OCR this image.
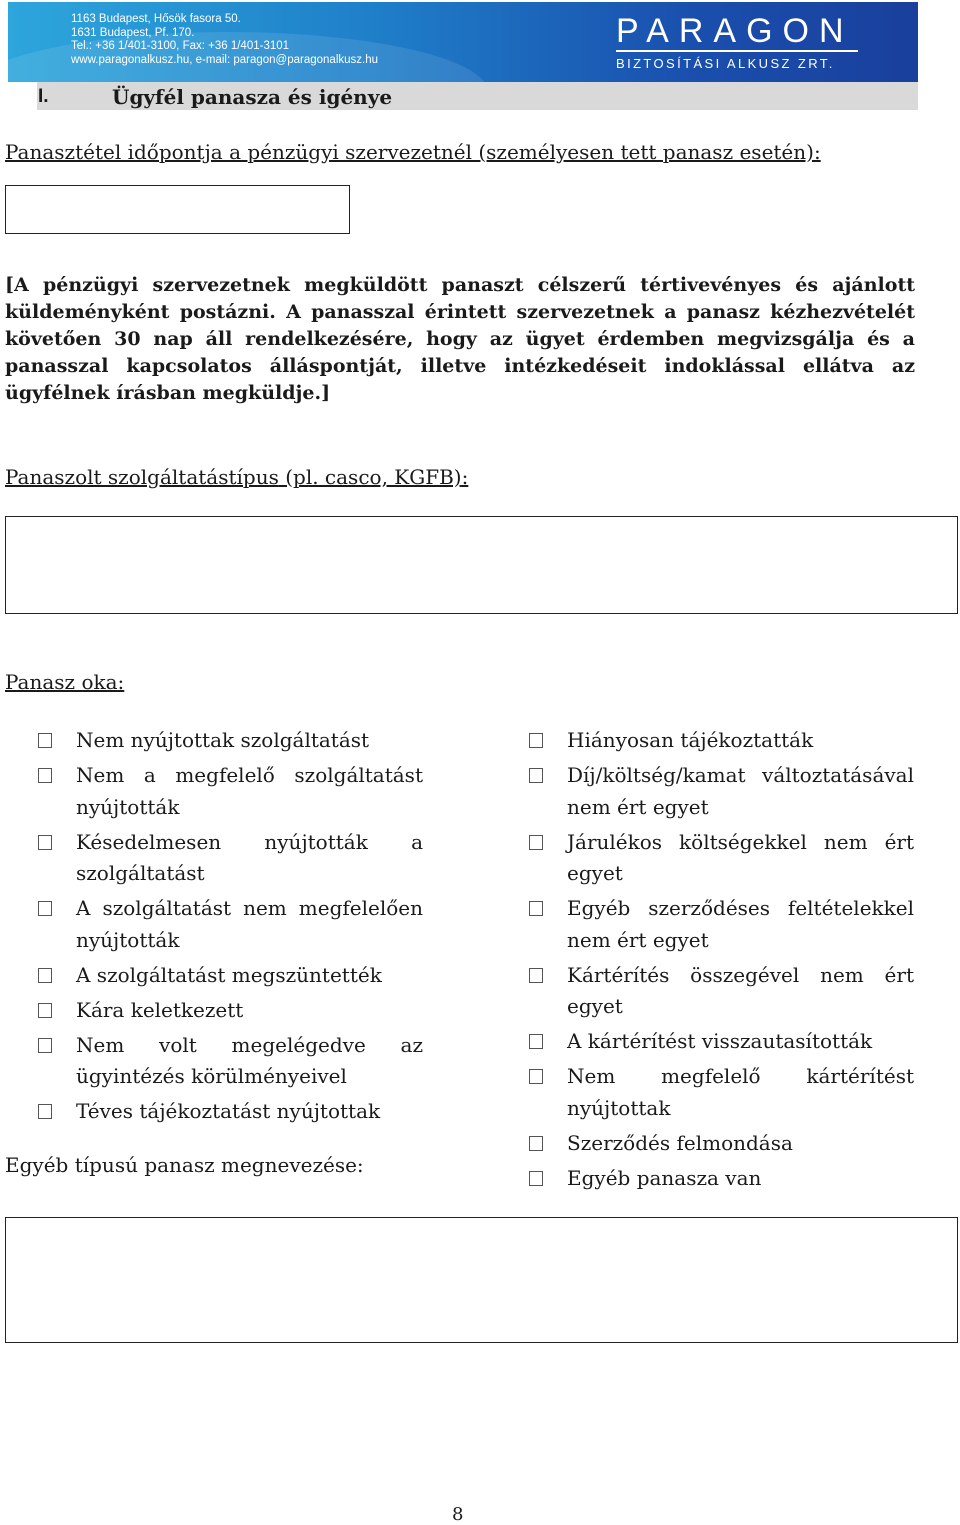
1163 Budapest, Hősök fasora 50.
1631 Budapest, Pf. 170.
Tel.: +36 1/401-3100, Fax: +36 1/401-3101
www.paragonalkusz.hu, e-mail: paragon@paragonalkusz.hu
PARAGON
BIZTOSÍTÁSI ALKUSZ ZRT.
I.	Ügyfél panasza és igénye
Panasztétel időpontja a pénzügyi szervezetnél (személyesen tett panasz esetén):
[A pénzügyi szervezetnek megküldött panaszt célszerű tértivevényes és ajánlott küldeményként postázni. A panasszal érintett szervezetnek a panasz kézhezvételét követően 30 nap áll rendelkezésére, hogy az ügyet érdemben megvizsgálja és a panasszal kapcsolatos álláspontját, illetve intézkedéseit indoklással ellátva az ügyfélnek írásban megküldje.]
Panaszolt szolgáltatástípus (pl. casco, KGFB):
Panasz oka:
Nem nyújtottak szolgáltatást
Nem a megfelelő szolgáltatást nyújtották
Késedelmesen nyújtották a szolgáltatást
A szolgáltatást nem megfelelően nyújtották
A szolgáltatást megszüntették
Kára keletkezett
Nem volt megelégedve az ügyintézés körülményeivel
Téves tájékoztatást nyújtottak
Hiányosan tájékoztatták
Díj/költség/kamat változtatásával nem ért egyet
Járulékos költségekkel nem ért egyet
Egyéb szerződéses feltételekkel nem ért egyet
Kártérítés összegével nem ért egyet
A kártérítést visszautasították
Nem megfelelő kártérítést nyújtottak
Szerződés felmondása
Egyéb panasza van
Egyéb típusú panasz megnevezése:
8
